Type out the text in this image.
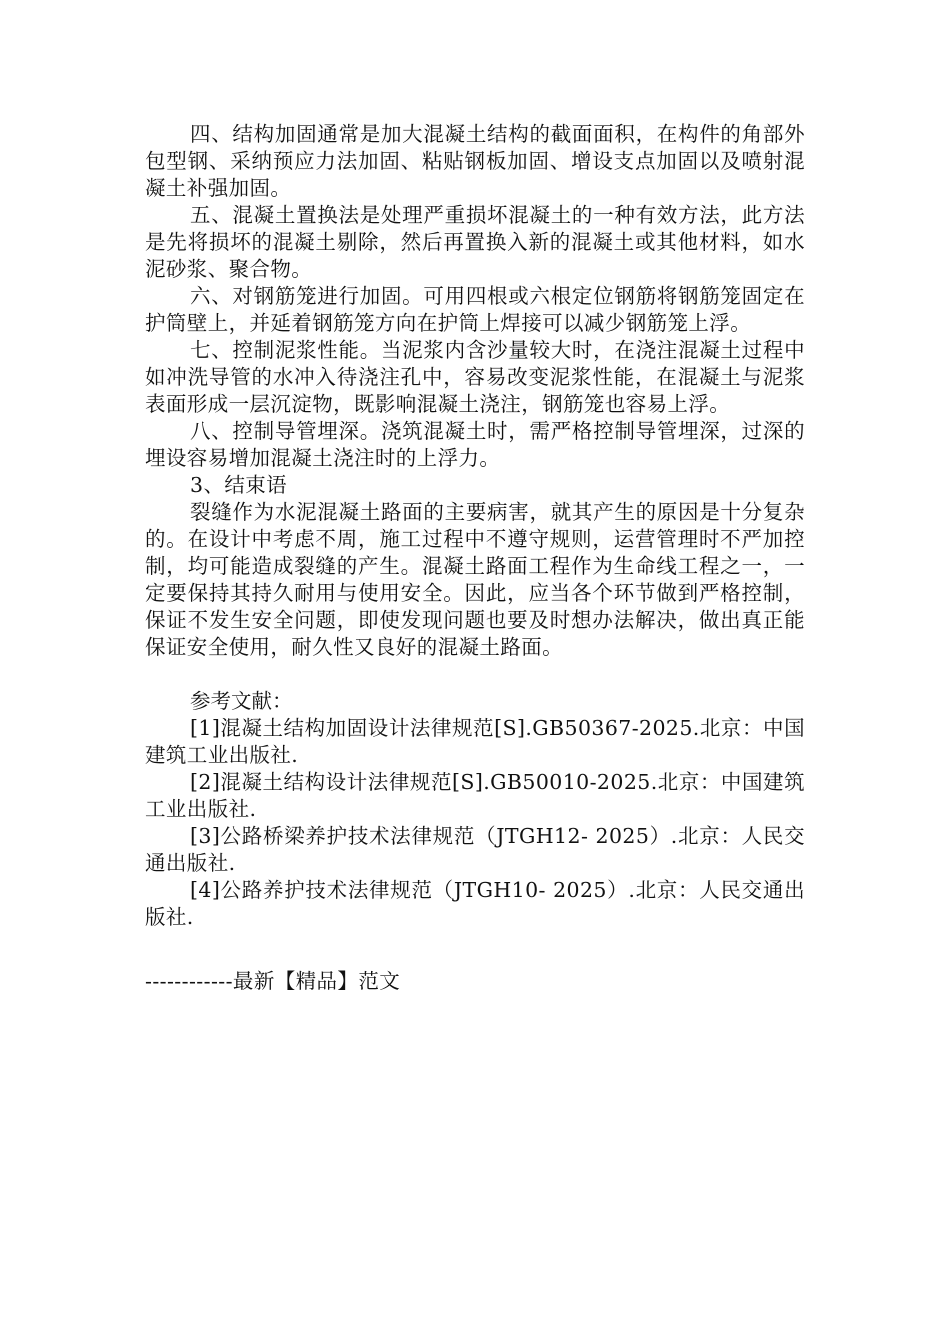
四、结构加固通常是加大混凝土结构的截面面积，在构件的角部外包型钢、采纳预应力法加固、粘贴钢板加固、增设支点加固以及喷射混凝土补强加固。

五、混凝土置换法是处理严重损坏混凝土的一种有效方法，此方法是先将损坏的混凝土剔除，然后再置换入新的混凝土或其他材料，如水泥砂浆、聚合物。

六、对钢筋笼进行加固。可用四根或六根定位钢筋将钢筋笼固定在护筒壁上，并延着钢筋笼方向在护筒上焊接可以减少钢筋笼上浮。

七、控制泥浆性能。当泥浆内含沙量较大时，在浇注混凝土过程中如冲洗导管的水冲入待浇注孔中，容易改变泥浆性能，在混凝土与泥浆表面形成一层沉淀物，既影响混凝土浇注，钢筋笼也容易上浮。

八、控制导管埋深。浇筑混凝土时，需严格控制导管埋深，过深的埋设容易增加混凝土浇注时的上浮力。

3、结束语

裂缝作为水泥混凝土路面的主要病害，就其产生的原因是十分复杂的。在设计中考虑不周，施工过程中不遵守规则，运营管理时不严加控制，均可能造成裂缝的产生。混凝土路面工程作为生命线工程之一，一定要保持其持久耐用与使用安全。因此，应当各个环节做到严格控制，保证不发生安全问题，即使发现问题也要及时想办法解决，做出真正能保证安全使用，耐久性又良好的混凝土路面。

参考文献：

[1]混凝土结构加固设计法律规范[S].GB50367-2025.北京：中国建筑工业出版社.

[2]混凝土结构设计法律规范[S].GB50010-2025.北京：中国建筑工业出版社.

[3]公路桥梁养护技术法律规范（JTGH12- 2025）.北京：人民交通出版社.

[4]公路养护技术法律规范（JTGH10- 2025）.北京：人民交通出版社.

------------最新【精品】范文
